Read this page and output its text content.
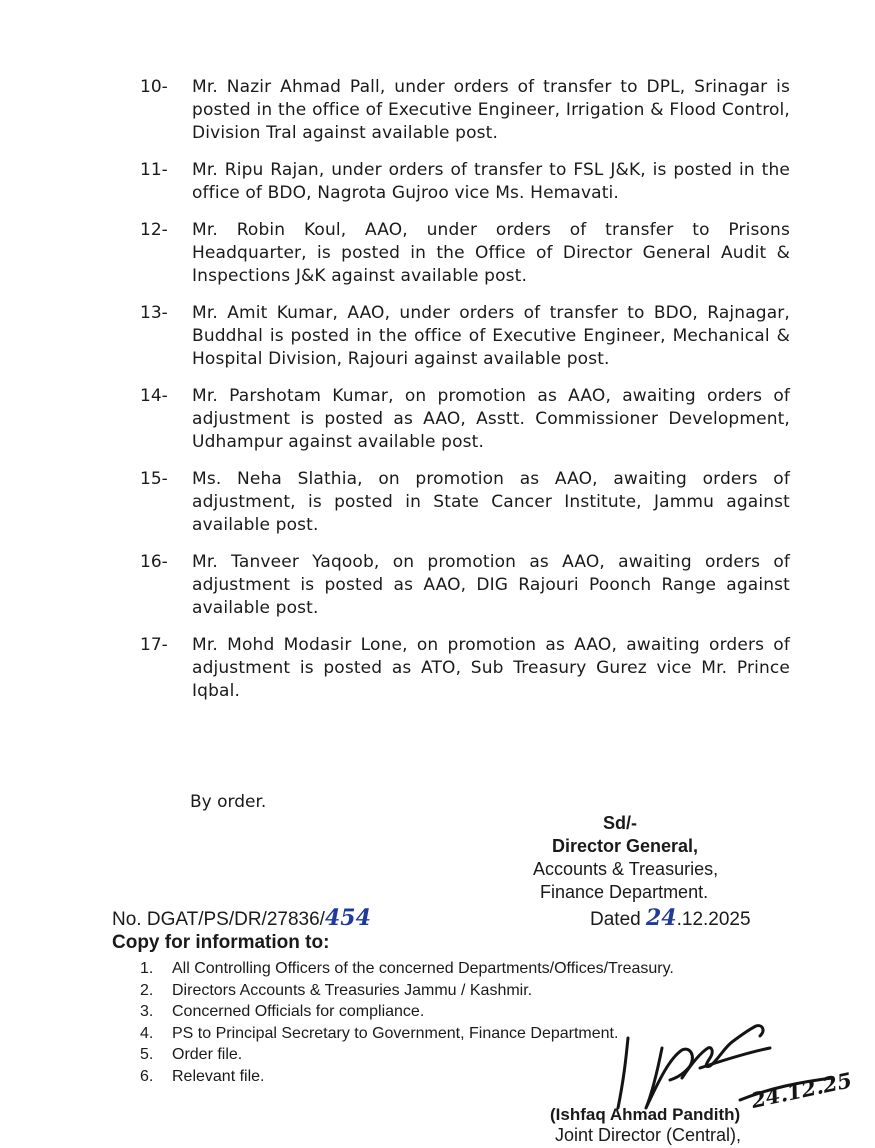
10-	Mr. Nazir Ahmad Pall, under orders of transfer to DPL, Srinagar is posted in the office of Executive Engineer, Irrigation & Flood Control, Division Tral against available post.
11-	Mr. Ripu Rajan, under orders of transfer to FSL J&K, is posted in the office of BDO, Nagrota Gujroo vice Ms. Hemavati.
12-	Mr. Robin Koul, AAO, under orders of transfer to Prisons Headquarter, is posted in the Office of Director General Audit & Inspections J&K against available post.
13-	Mr. Amit Kumar, AAO, under orders of transfer to BDO, Rajnagar, Buddhal is posted in the office of Executive Engineer, Mechanical & Hospital Division, Rajouri against available post.
14-	Mr. Parshotam Kumar, on promotion as AAO, awaiting orders of adjustment is posted as AAO, Asstt. Commissioner Development, Udhampur against available post.
15-	Ms. Neha Slathia, on promotion as AAO, awaiting orders of adjustment, is posted in State Cancer Institute, Jammu against available post.
16-	Mr. Tanveer Yaqoob, on promotion as AAO, awaiting orders of adjustment is posted as AAO, DIG Rajouri Poonch Range against available post.
17-	Mr. Mohd Modasir Lone, on promotion as AAO, awaiting orders of adjustment is posted as ATO, Sub Treasury Gurez vice Mr. Prince Iqbal.
By order.
Sd/-
Director General,
Accounts & Treasuries,
Finance Department.
No. DGAT/PS/DR/27836/454	Dated 24.12.2025
Copy for information to:
1.	All Controlling Officers of the concerned Departments/Offices/Treasury.
2.	Directors Accounts & Treasuries Jammu / Kashmir.
3.	Concerned Officials for compliance.
4.	PS to Principal Secretary to Government, Finance Department.
5.	Order file.
6.	Relevant file.	24.12.25
(Ishfaq Ahmad Pandith)
Joint Director (Central),
